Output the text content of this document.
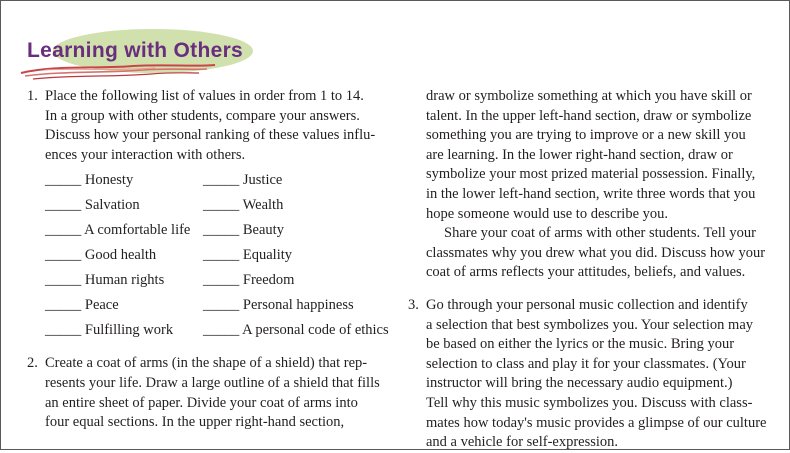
Learning with Others
1. Place the following list of values in order from 1 to 14.
In a group with other students, compare your answers.
Discuss how your personal ranking of these values influ-
ences your interaction with others.
_____ Honesty
_____ Salvation
_____ A comfortable life
_____ Good health
_____ Human rights
_____ Peace
_____ Fulfilling work
_____ Justice
_____ Wealth
_____ Beauty
_____ Equality
_____ Freedom
_____ Personal happiness
_____ A personal code of ethics
2. Create a coat of arms (in the shape of a shield) that rep-
resents your life. Draw a large outline of a shield that fills
an entire sheet of paper. Divide your coat of arms into
four equal sections. In the upper right-hand section,
draw or symbolize something at which you have skill or
talent. In the upper left-hand section, draw or symbolize
something you are trying to improve or a new skill you
are learning. In the lower right-hand section, draw or
symbolize your most prized material possession. Finally,
in the lower left-hand section, write three words that you
hope someone would use to describe you.
Share your coat of arms with other students. Tell your
classmates why you drew what you did. Discuss how your
coat of arms reflects your attitudes, beliefs, and values.
3. Go through your personal music collection and identify
a selection that best symbolizes you. Your selection may
be based on either the lyrics or the music. Bring your
selection to class and play it for your classmates. (Your
instructor will bring the necessary audio equipment.)
Tell why this music symbolizes you. Discuss with class-
mates how today's music provides a glimpse of our culture
and a vehicle for self-expression.
